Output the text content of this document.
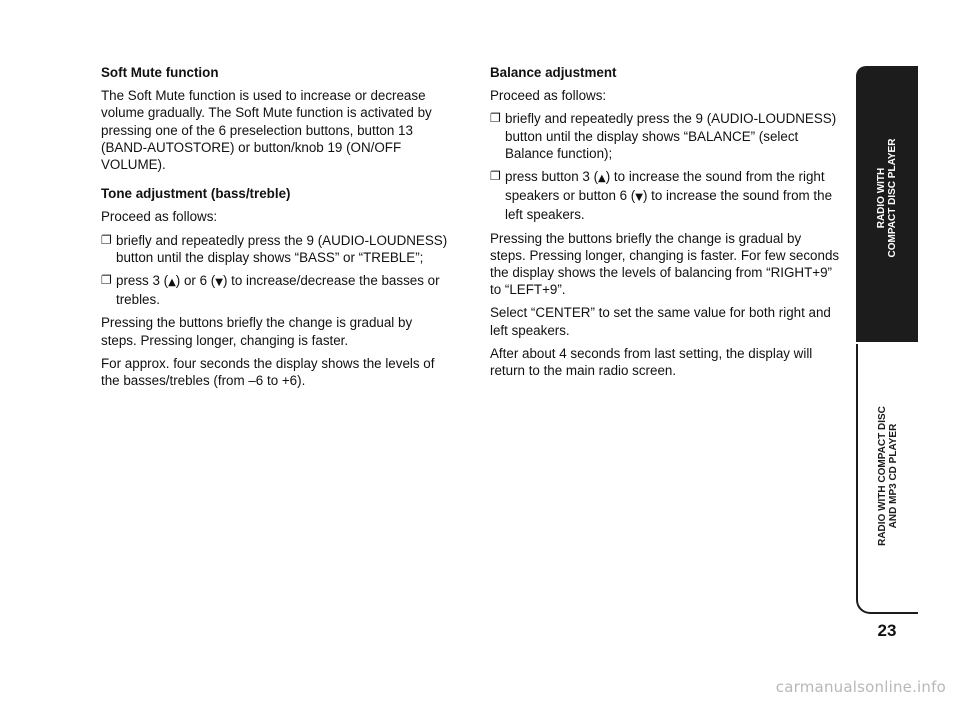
Soft Mute function

The Soft Mute function is used to increase or decrease volume gradually. The Soft Mute function is activated by pressing one of the 6 preselection buttons, button 13 (BAND-AUTOSTORE) or button/knob 19 (ON/OFF VOLUME).

Tone adjustment (bass/treble)

Proceed as follows:

❐ briefly and repeatedly press the 9 (AUDIO-LOUDNESS) button until the display shows “BASS” or “TREBLE”;
❐ press 3 (▲) or 6 (▼) to increase/decrease the basses or trebles.

Pressing the buttons briefly the change is gradual by steps. Pressing longer, changing is faster.

For approx. four seconds the display shows the levels of the basses/trebles (from –6 to +6).

Balance adjustment

Proceed as follows:

❐ briefly and repeatedly press the 9 (AUDIO-LOUDNESS) button until the display shows “BALANCE” (select Balance function);
❐ press button 3 (▲) to increase the sound from the right speakers or button 6 (▼) to increase the sound from the left speakers.

Pressing the buttons briefly the change is gradual by steps. Pressing longer, changing is faster. For few seconds the display shows the levels of balancing from “RIGHT+9” to “LEFT+9”.

Select “CENTER” to set the same value for both right and left speakers.

After about 4 seconds from last setting, the display will return to the main radio screen.

RADIO WITH COMPACT DISC PLAYER
RADIO WITH COMPACT DISC AND MP3 CD PLAYER
23
carmanualsonline.info
